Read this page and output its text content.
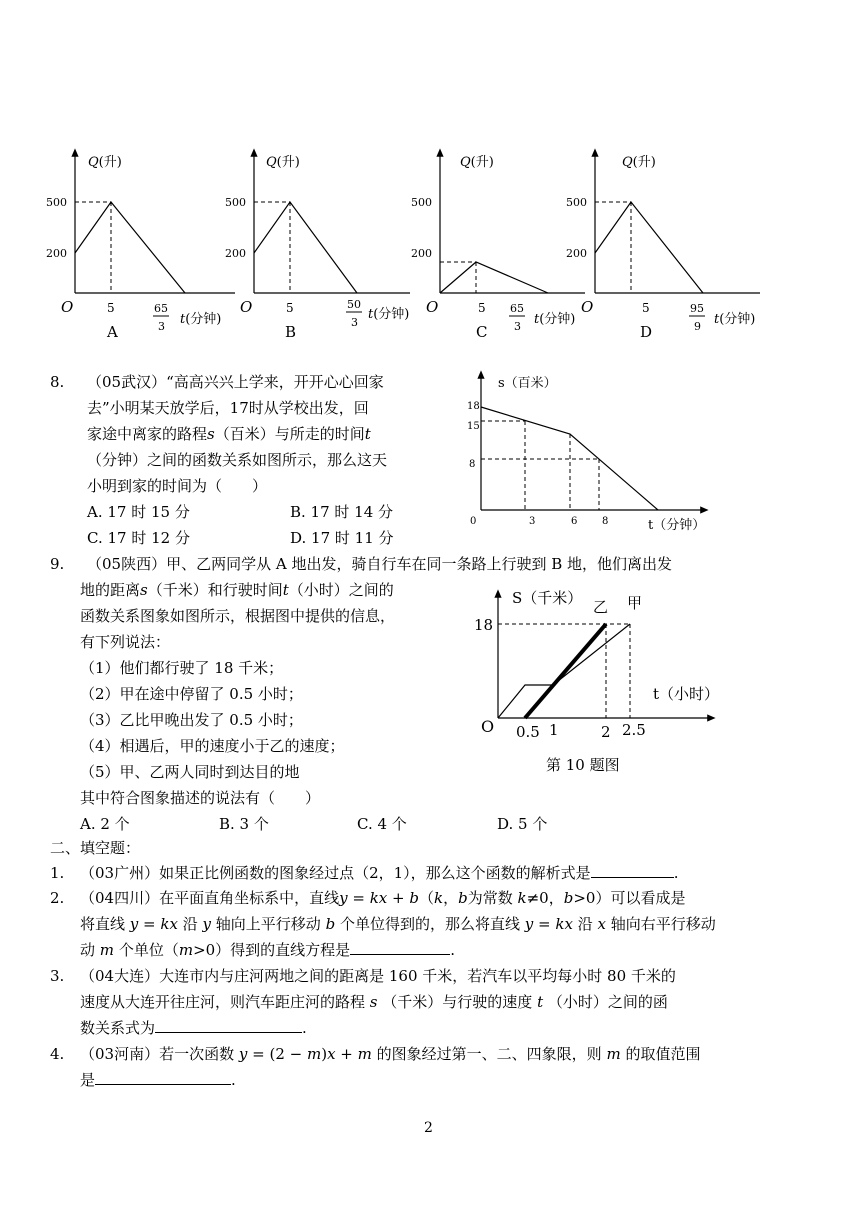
Q(升)
500
200
O	5	65
3 t(分钟)
A
Q(升)
500
200
O	5	50
3
t(分钟)
B
Q(升)
500
200
O	5 65
3 t(分钟)
C
Q(升)
500
200
O	5	95
9 t(分钟)
D
8. （05武汉）“高高兴兴上学来，开开心心回家
去”小明某天放学后，17时从学校出发，回
家途中离家的路程s（百米）与所走的时间t
（分钟）之间的函数关系如图所示，那么这天
小明到家的时间为（　　）
A. 17 时 15 分	B. 17 时 14 分
C. 17 时 12 分	D. 17 时 11 分
s（百米）
18
15
8
0	3	6 8	t（分钟）
9. （05陕西）甲、乙两同学从 A 地出发，骑自行车在同一条路上行驶到 B 地，他们离出发
地的距离s（千米）和行驶时间t（小时）之间的
函数关系图象如图所示，根据图中提供的信息，
有下列说法：
（1）他们都行驶了 18 千米；
（2）甲在途中停留了 0.5 小时；
（3）乙比甲晚出发了 0.5 小时；
（4）相遇后，甲的速度小于乙的速度；
（5）甲、乙两人同时到达目的地
其中符合图象描述的说法有（　　）
A. 2 个	B. 3 个	C. 4 个	D. 5 个
S（千米） 乙 甲
18
t（小时）
O 0.5 1	2 2.5
第 10 题图
二、填空题：
1. （03广州）如果正比例函数的图象经过点（2，1），那么这个函数的解析式是	.
2. （04四川）在平面直角坐标系中，直线y = kx + b（k，b为常数 k≠0，b>0）可以看成是
将直线 y = kx 沿 y 轴向上平行移动 b 个单位得到的，那么将直线 y = kx 沿 x 轴向右平行移动
动 m 个单位（m>0）得到的直线方程是	.
3. （04大连）大连市内与庄河两地之间的距离是 160 千米，若汽车以平均每小时 80 千米的
速度从大连开往庄河，则汽车距庄河的路程 s （千米）与行驶的速度 t （小时）之间的函
数关系式为	.
4. （03河南）若一次函数 y = (2 − m)x + m 的图象经过第一、二、四象限，则 m 的取值范围
是	.
2
